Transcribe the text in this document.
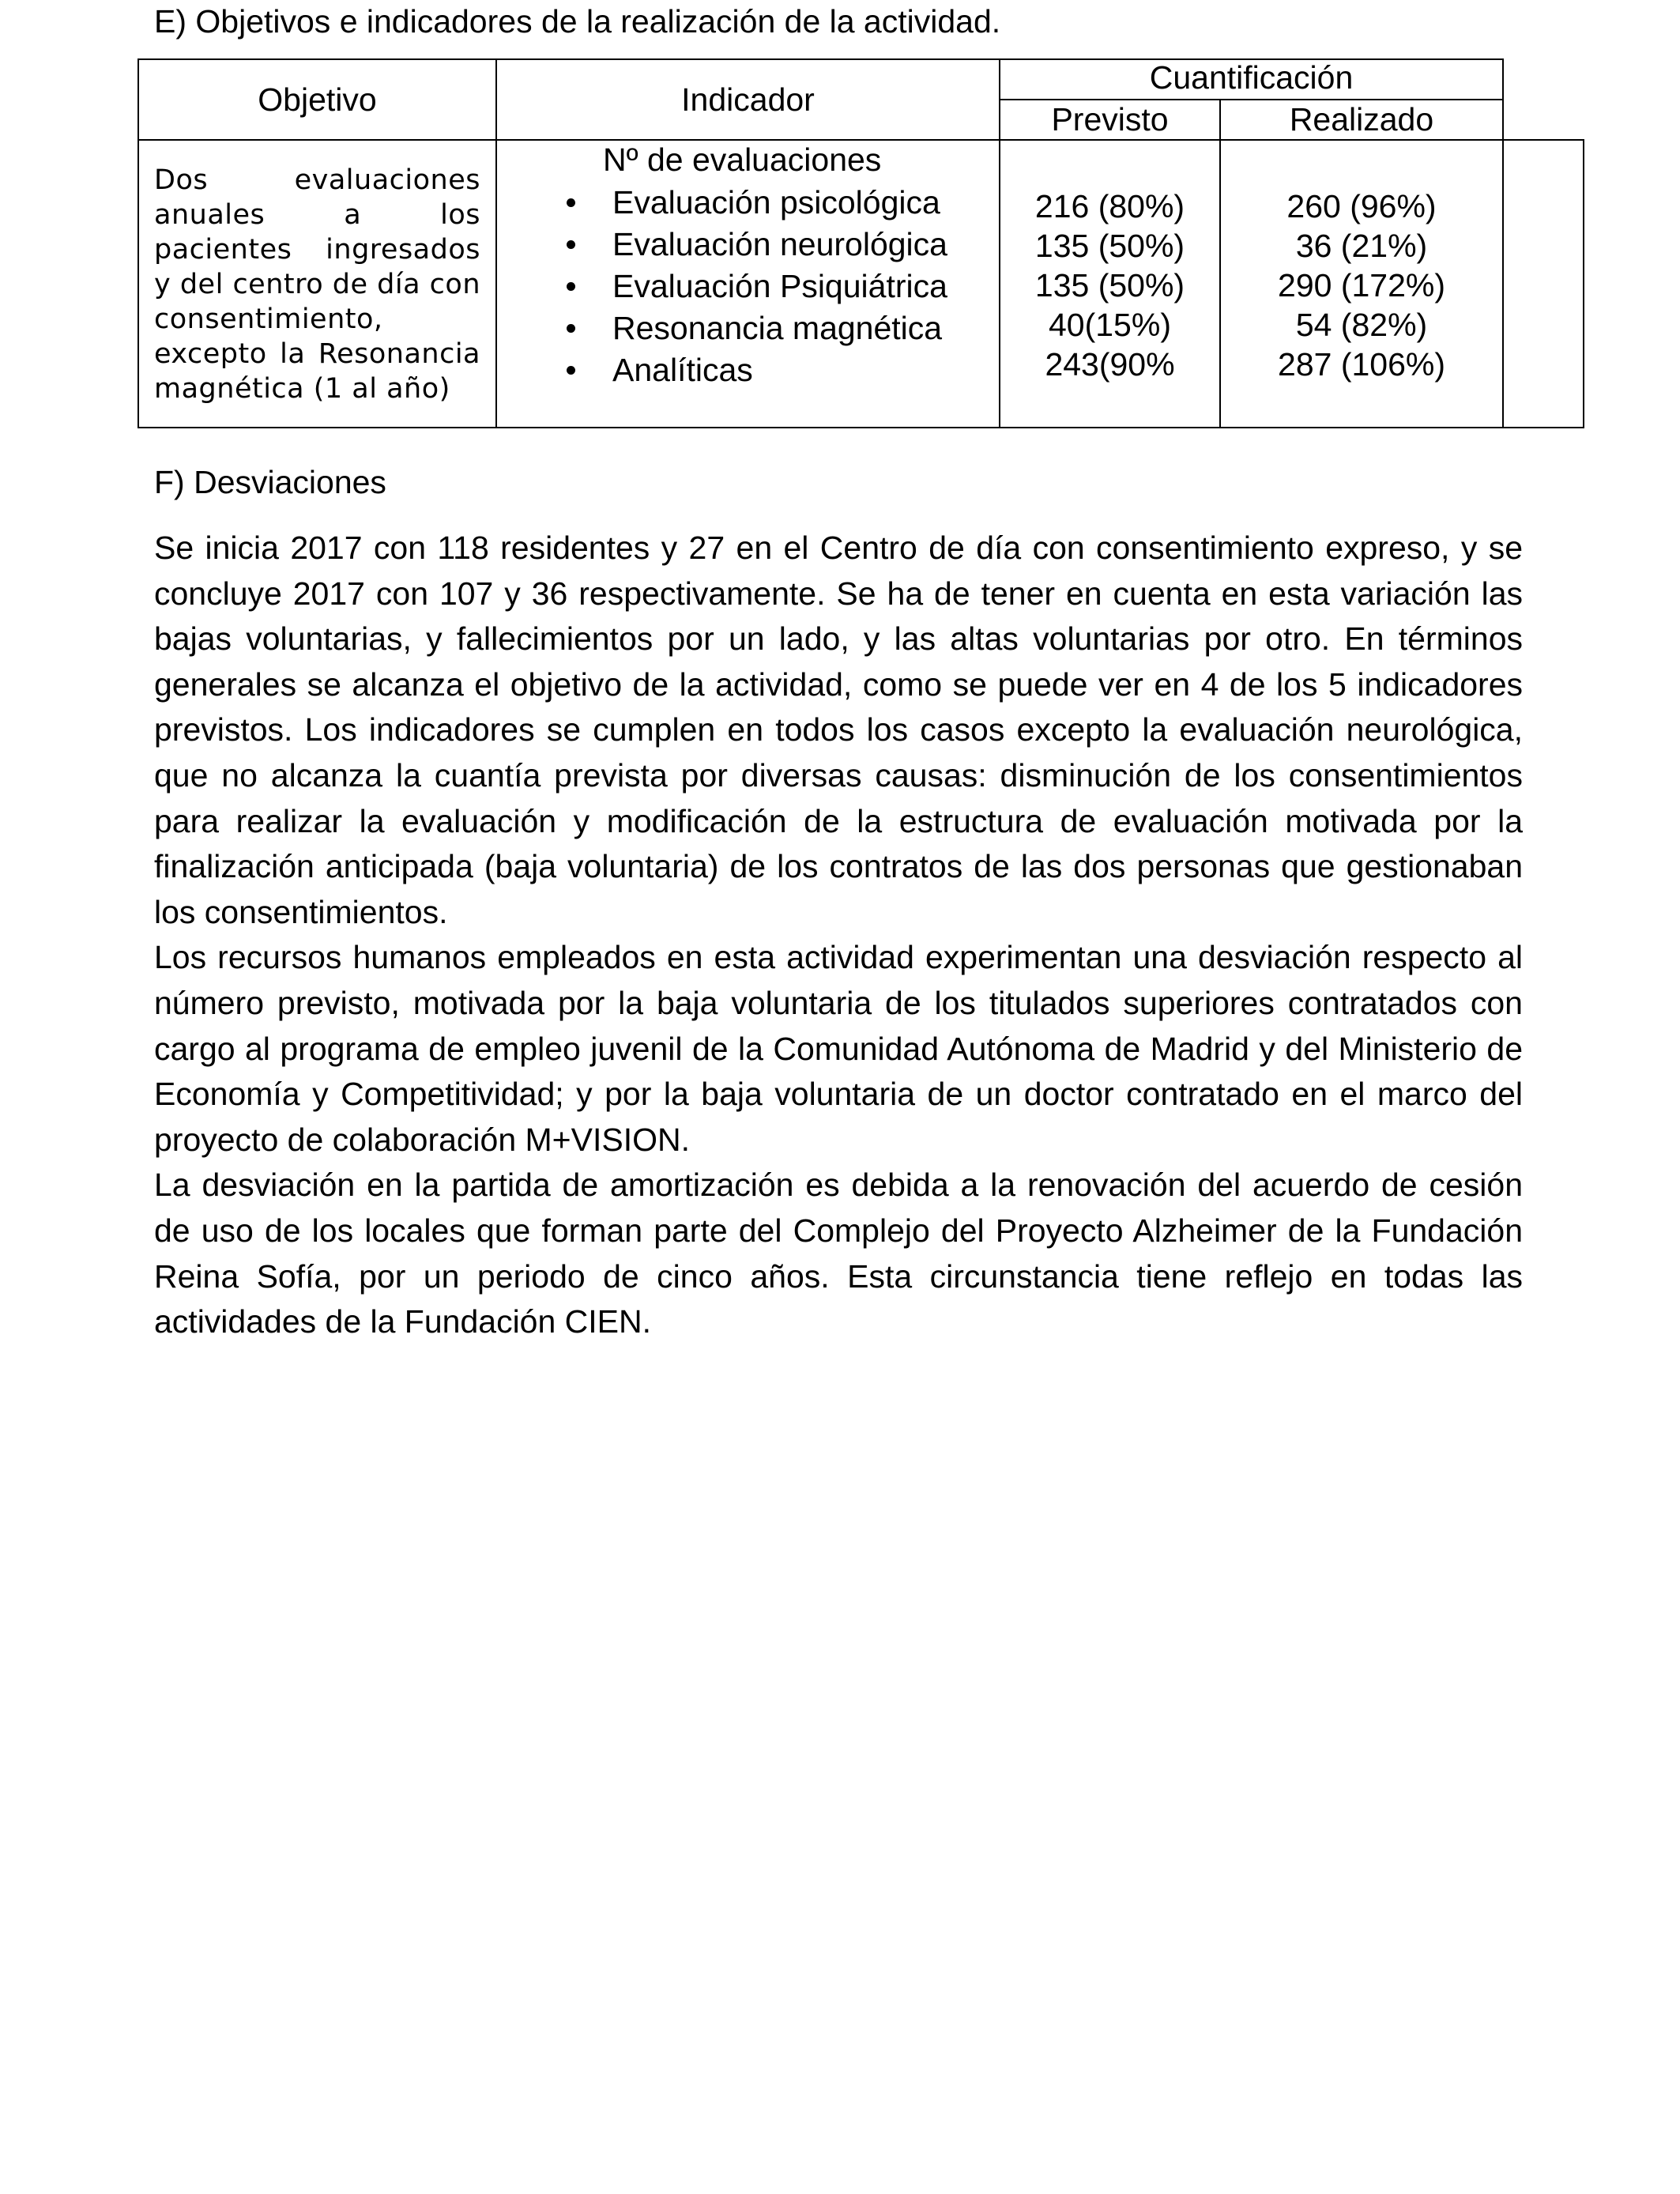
E) Objetivos e indicadores de la realización de la actividad.
Objetivo	Indicador
Cuantificación
Previsto	Realizado
Dos evaluaciones anuales a los pacientes ingresados y del centro de día con consentimiento, excepto la Resonancia magnética (1 al año)
Nº de evaluaciones
Evaluación psicológica
Evaluación neurológica
Evaluación Psiquiátrica
Resonancia magnética
Analíticas
216 (80%)
135 (50%)
135 (50%)
40(15%)
243(90%
260 (96%)
36 (21%)
290 (172%)
54 (82%)
287 (106%)
F) Desviaciones

Se inicia 2017 con 118 residentes y 27 en el Centro de día con consentimiento expreso, y se concluye 2017 con 107 y 36 respectivamente. Se ha de tener en cuenta en esta variación las bajas voluntarias, y fallecimientos por un lado, y las altas voluntarias por otro. En términos generales se alcanza el objetivo de la actividad, como se puede ver en 4 de los 5 indicadores previstos. Los indicadores se cumplen en todos los casos excepto la evaluación neurológica, que no alcanza la cuantía prevista por diversas causas: disminución de los consentimientos para realizar la evaluación y modificación de la estructura de evaluación motivada por la finalización anticipada (baja voluntaria) de los contratos de las dos personas que gestionaban los consentimientos.

Los recursos humanos empleados en esta actividad experimentan una desviación respecto al número previsto, motivada por la baja voluntaria de los titulados superiores contratados con cargo al programa de empleo juvenil de la Comunidad Autónoma de Madrid y del Ministerio de Economía y Competitividad; y por la baja voluntaria de un doctor contratado en el marco del proyecto de colaboración M+VISION.

La desviación en la partida de amortización es debida a la renovación del acuerdo de cesión de uso de los locales que forman parte del Complejo del Proyecto Alzheimer de la Fundación Reina Sofía, por un periodo de cinco años. Esta circunstancia tiene reflejo en todas las actividades de la Fundación CIEN.
